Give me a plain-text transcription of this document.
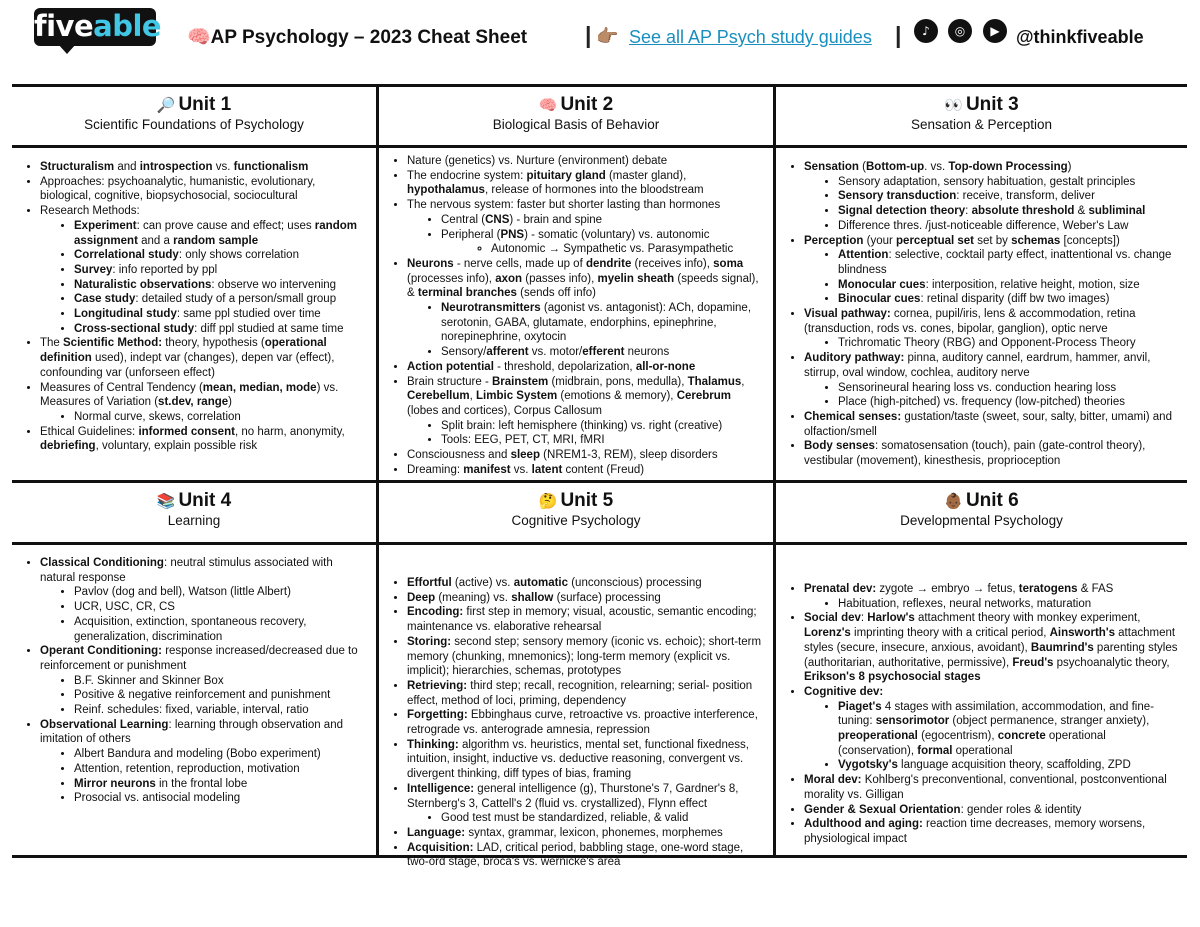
fiveable 🧠AP Psychology – 2023 Cheat Sheet	| 👉🏽 See all AP Psych study guides |	♪	◎	▶ @thinkfiveable
🔎 Unit 1
Scientific Foundations of Psychology
• Structuralism and introspection vs. functionalism
• Approaches: psychoanalytic, humanistic, evolutionary, biological, cognitive, biopsychosocial, sociocultural
• Research Methods:
• Experiment: can prove cause and effect; uses random assignment and a random sample
• Correlational study: only shows correlation
• Survey: info reported by ppl
• Naturalistic observations: observe wo intervening
• Case study: detailed study of a person/small group
• Longitudinal study: same ppl studied over time
• Cross-sectional study: diff ppl studied at same time
• The Scientific Method: theory, hypothesis (operational definition used), indept var (changes), depen var (effect), confounding var (unforseen effect)
• Measures of Central Tendency (mean, median, mode) vs. Measures of Variation (st.dev, range)
• Normal curve, skews, correlation
• Ethical Guidelines: informed consent, no harm, anonymity, debriefing, voluntary, explain possible risk
🧠 Unit 2
Biological Basis of Behavior
• Nature (genetics) vs. Nurture (environment) debate
• The endocrine system: pituitary gland (master gland), hypothalamus, release of hormones into the bloodstream
• The nervous system: faster but shorter lasting than hormones
• Central (CNS) - brain and spine
• Peripheral (PNS) - somatic (voluntary) vs. autonomic
◦ Autonomic → Sympathetic vs. Parasympathetic
• Neurons - nerve cells, made up of dendrite (receives info), soma (processes info), axon (passes info), myelin sheath (speeds signal), & terminal branches (sends off info)
• Neurotransmitters (agonist vs. antagonist): ACh, dopamine, serotonin, GABA, glutamate, endorphins, epinephrine, norepinephrine, oxytocin
• Sensory/afferent vs. motor/efferent neurons
• Action potential - threshold, depolarization, all-or-none
• Brain structure - Brainstem (midbrain, pons, medulla), Thalamus, Cerebellum, Limbic System (emotions & memory), Cerebrum (lobes and cortices), Corpus Callosum
• Split brain: left hemisphere (thinking) vs. right (creative)
• Tools: EEG, PET, CT, MRI, fMRI
• Consciousness and sleep (NREM1-3, REM), sleep disorders
• Dreaming: manifest vs. latent content (Freud)
👀 Unit 3
Sensation & Perception
• Sensation (Bottom-up. vs. Top-down Processing)
• Sensory adaptation, sensory habituation, gestalt principles
• Sensory transduction: receive, transform, deliver
• Signal detection theory: absolute threshold & subliminal
• Difference thres. /just-noticeable difference, Weber's Law
• Perception (your perceptual set set by schemas [concepts])
• Attention: selective, cocktail party effect, inattentional vs. change blindness
• Monocular cues: interposition, relative height, motion, size
• Binocular cues: retinal disparity (diff bw two images)
• Visual pathway: cornea, pupil/iris, lens & accommodation, retina (transduction, rods vs. cones, bipolar, ganglion), optic nerve
• Trichromatic Theory (RBG) and Opponent-Process Theory
• Auditory pathway: pinna, auditory cannel, eardrum, hammer, anvil, stirrup, oval window, cochlea, auditory nerve
• Sensorineural hearing loss vs. conduction hearing loss
• Place (high-pitched) vs. frequency (low-pitched) theories
• Chemical senses: gustation/taste (sweet, sour, salty, bitter, umami) and olfaction/smell
• Body senses: somatosensation (touch), pain (gate-control theory), vestibular (movement), kinesthesis, proprioception
📚 Unit 4
Learning
• Classical Conditioning: neutral stimulus associated with natural response
• Pavlov (dog and bell), Watson (little Albert)
• UCR, USC, CR, CS
• Acquisition, extinction, spontaneous recovery, generalization, discrimination
• Operant Conditioning: response increased/decreased due to reinforcement or punishment
• B.F. Skinner and Skinner Box
• Positive & negative reinforcement and punishment
• Reinf. schedules: fixed, variable, interval, ratio
• Observational Learning: learning through observation and imitation of others
• Albert Bandura and modeling (Bobo experiment)
• Attention, retention, reproduction, motivation
• Mirror neurons in the frontal lobe
• Prosocial vs. antisocial modeling
🤔 Unit 5
Cognitive Psychology
• Effortful (active) vs. automatic (unconscious) processing
• Deep (meaning) vs. shallow (surface) processing
• Encoding: first step in memory; visual, acoustic, semantic encoding; maintenance vs. elaborative rehearsal
• Storing: second step; sensory memory (iconic vs. echoic); short-term memory (chunking, mnemonics); long-term memory (explicit vs. implicit); hierarchies, schemas, prototypes
• Retrieving: third step; recall, recognition, relearning; serial- position effect, method of loci, priming, dependency
• Forgetting: Ebbinghaus curve, retroactive vs. proactive interference, retrograde vs. anterograde amnesia, repression
• Thinking: algorithm vs. heuristics, mental set, functional fixedness, intuition, insight, inductive vs. deductive reasoning, convergent vs. divergent thinking, diff types of bias, framing
• Intelligence: general intelligence (g), Thurstone's 7, Gardner's 8, Sternberg's 3, Cattell's 2 (fluid vs. crystallized), Flynn effect
• Good test must be standardized, reliable, & valid
• Language: syntax, grammar, lexicon, phonemes, morphemes
• Acquisition: LAD, critical period, babbling stage, one-word stage, two-ord stage, broca's vs. wernicke's area
👶🏾 Unit 6
Developmental Psychology
• Prenatal dev: zygote → embryo → fetus, teratogens & FAS
• Habituation, reflexes, neural networks, maturation
• Social dev: Harlow's attachment theory with monkey experiment, Lorenz's imprinting theory with a critical period, Ainsworth's attachment styles (secure, insecure, anxious, avoidant), Baumrind's parenting styles (authoritarian, authoritative, permissive), Freud's psychoanalytic theory, Erikson's 8 psychosocial stages
• Cognitive dev:
• Piaget's 4 stages with assimilation, accommodation, and fine-tuning: sensorimotor (object permanence, stranger anxiety), preoperational (egocentrism), concrete operational (conservation), formal operational
• Vygotsky's language acquisition theory, scaffolding, ZPD
• Moral dev: Kohlberg's preconventional, conventional, postconventional morality vs. Gilligan
• Gender & Sexual Orientation: gender roles & identity
• Adulthood and aging: reaction time decreases, memory worsens, physiological impact
